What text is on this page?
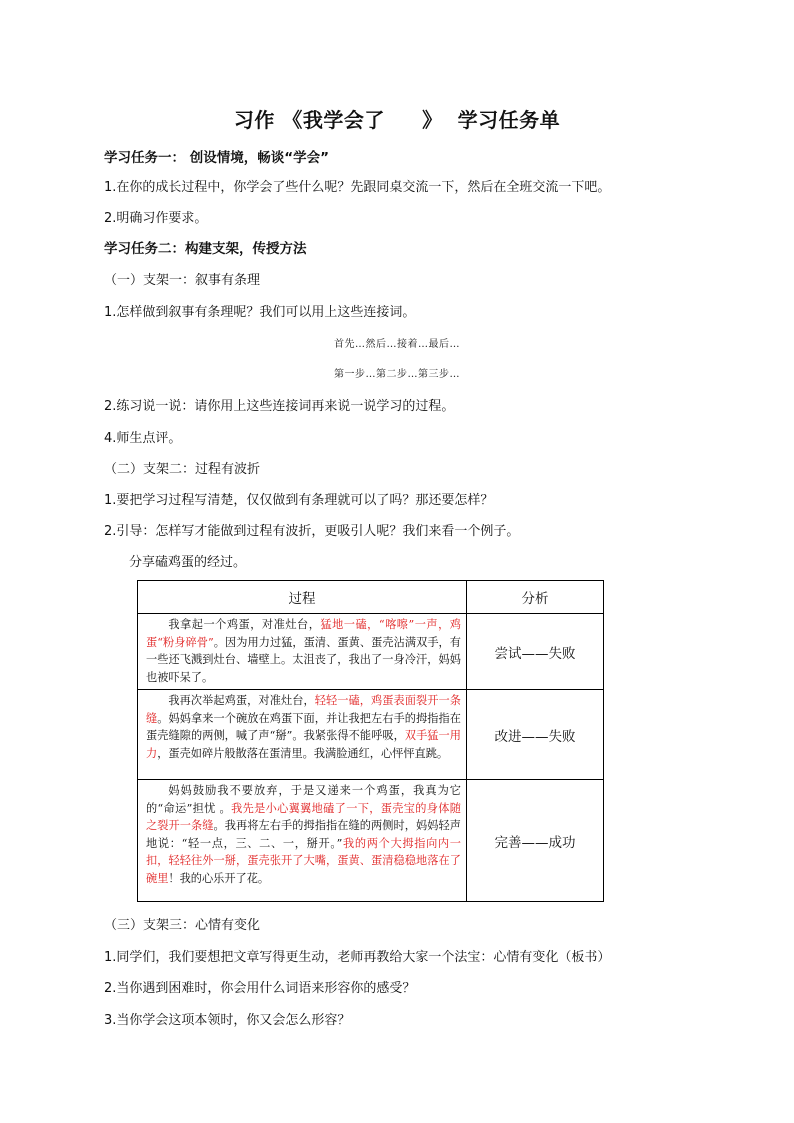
习作 《我学会了     》  学习任务单
学习任务一： 创设情境，畅谈“学会”
1.在你的成长过程中，你学会了些什么呢？先跟同桌交流一下，然后在全班交流一下吧。
2.明确习作要求。
学习任务二：构建支架，传授方法
（一）支架一：叙事有条理
1.怎样做到叙事有条理呢？我们可以用上这些连接词。
首先…然后…接着…最后…
第一步…第二步…第三步…
2.练习说一说：请你用上这些连接词再来说一说学习的过程。
4.师生点评。
（二）支架二：过程有波折
1.要把学习过程写清楚，仅仅做到有条理就可以了吗？那还要怎样？
2.引导：怎样写才能做到过程有波折，更吸引人呢？我们来看一个例子。
分享磕鸡蛋的经过。
过程	分析
我拿起一个鸡蛋，对准灶台，猛地一磕，“喀嚓”一声，鸡蛋“粉身碎骨”。因为用力过猛，蛋清、蛋黄、蛋壳沾满双手，有一些还飞溅到灶台、墙壁上。太沮丧了，我出了一身冷汗，妈妈也被吓呆了。	尝试——失败
我再次举起鸡蛋，对准灶台，轻轻一磕，鸡蛋表面裂开一条缝。妈妈拿来一个碗放在鸡蛋下面，并让我把左右手的拇指指在蛋壳缝隙的两侧，喊了声“掰”。我紧张得不能呼吸，双手猛一用力，蛋壳如碎片般散落在蛋清里。我满脸通红，心怦怦直跳。	改进——失败
妈妈鼓励我不要放弃，于是又递来一个鸡蛋，我真为它的“命运”担忧 。我先是小心翼翼地磕了一下，蛋壳宝的身体随之裂开一条缝。我再将左右手的拇指指在缝的两侧时，妈妈轻声地说：“轻一点，三、二、一，掰开。”我的两个大拇指向内一扣，轻轻往外一掰，蛋壳张开了大嘴，蛋黄、蛋清稳稳地落在了碗里！我的心乐开了花。	完善——成功
（三）支架三：心情有变化
1.同学们，我们要想把文章写得更生动，老师再教给大家一个法宝：心情有变化（板书）
2.当你遇到困难时，你会用什么词语来形容你的感受？
3.当你学会这项本领时，你又会怎么形容？
